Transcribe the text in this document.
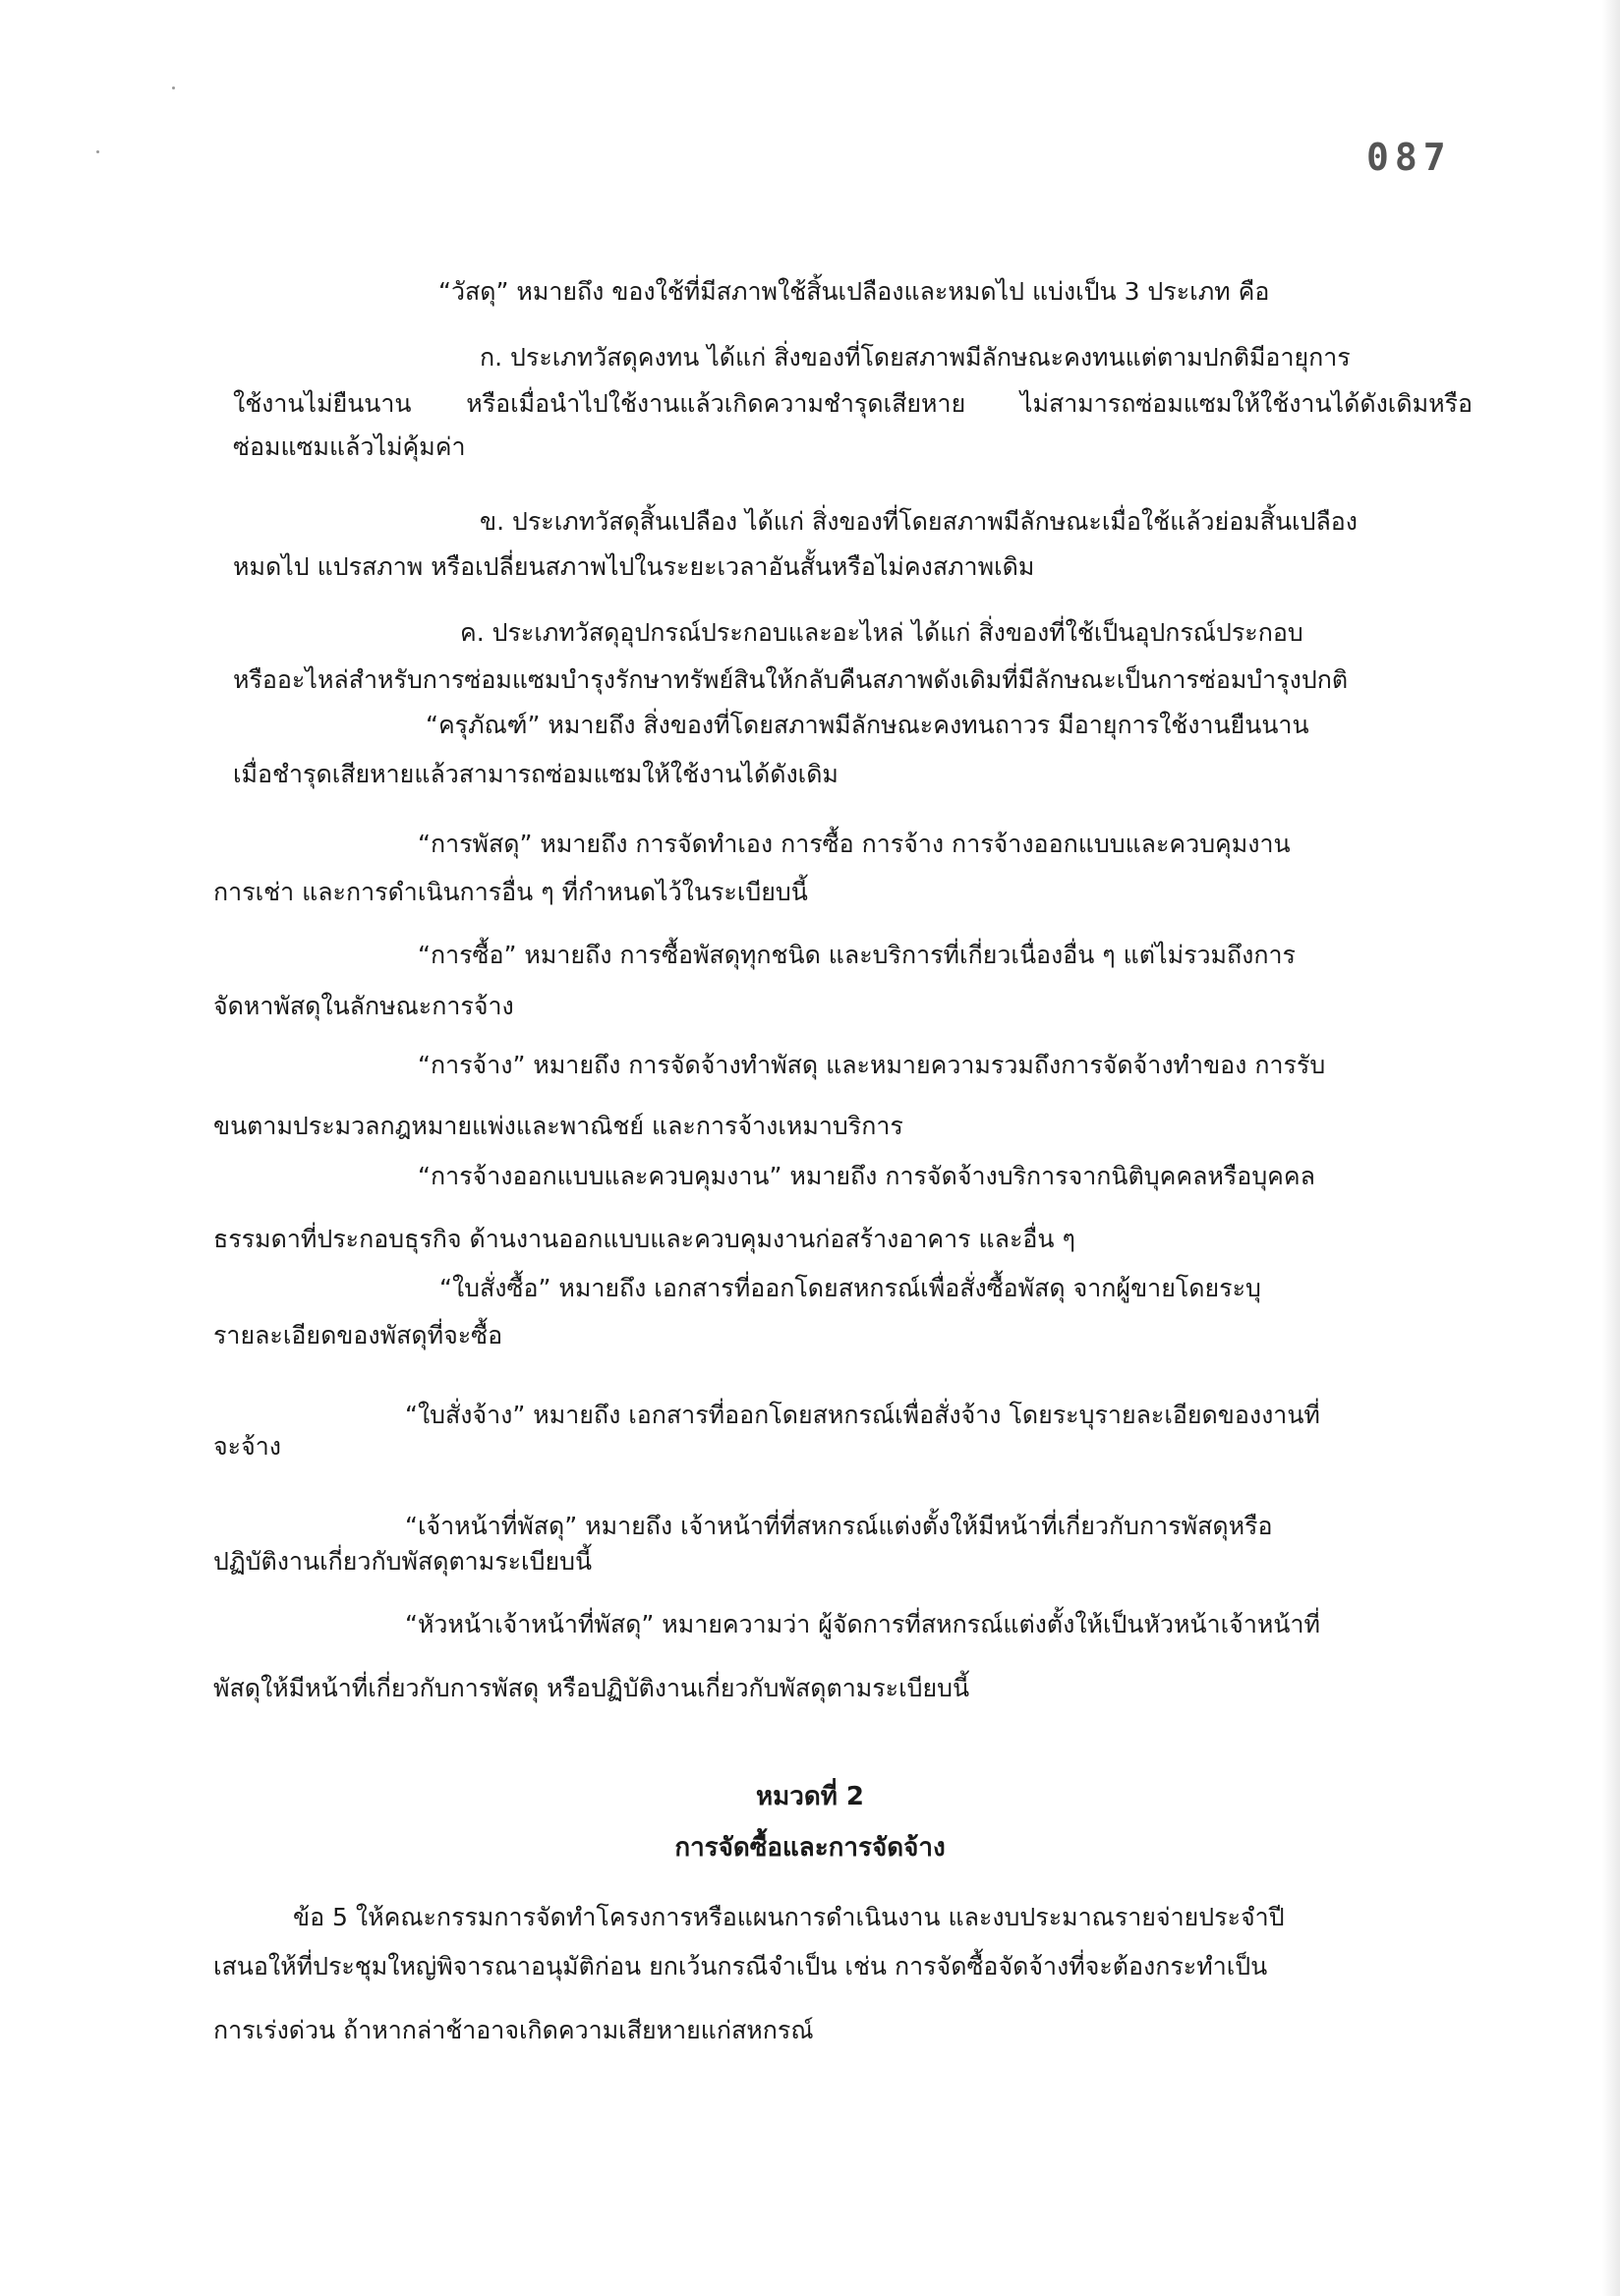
087
“วัสดุ” หมายถึง ของใช้ที่มีสภาพใช้สิ้นเปลืองและหมดไป แบ่งเป็น 3 ประเภท คือ
ก. ประเภทวัสดุคงทน ได้แก่ สิ่งของที่โดยสภาพมีลักษณะคงทนแต่ตามปกติมีอายุการ
ใช้งานไม่ยืนนาน หรือเมื่อนำไปใช้งานแล้วเกิดความชำรุดเสียหาย ไม่สามารถซ่อมแซมให้ใช้งานได้ดังเดิมหรือ
ซ่อมแซมแล้วไม่คุ้มค่า
ข. ประเภทวัสดุสิ้นเปลือง ได้แก่ สิ่งของที่โดยสภาพมีลักษณะเมื่อใช้แล้วย่อมสิ้นเปลือง
หมดไป แปรสภาพ หรือเปลี่ยนสภาพไปในระยะเวลาอันสั้นหรือไม่คงสภาพเดิม
ค. ประเภทวัสดุอุปกรณ์ประกอบและอะไหล่ ได้แก่ สิ่งของที่ใช้เป็นอุปกรณ์ประกอบ
หรืออะไหล่สำหรับการซ่อมแซมบำรุงรักษาทรัพย์สินให้กลับคืนสภาพดังเดิมที่มีลักษณะเป็นการซ่อมบำรุงปกติ
“ครุภัณฑ์” หมายถึง สิ่งของที่โดยสภาพมีลักษณะคงทนถาวร มีอายุการใช้งานยืนนาน
เมื่อชำรุดเสียหายแล้วสามารถซ่อมแซมให้ใช้งานได้ดังเดิม
“การพัสดุ” หมายถึง การจัดทำเอง การซื้อ การจ้าง การจ้างออกแบบและควบคุมงาน
การเช่า และการดำเนินการอื่น ๆ ที่กำหนดไว้ในระเบียบนี้
“การซื้อ” หมายถึง การซื้อพัสดุทุกชนิด และบริการที่เกี่ยวเนื่องอื่น ๆ แต่ไม่รวมถึงการ
จัดหาพัสดุในลักษณะการจ้าง
“การจ้าง” หมายถึง การจัดจ้างทำพัสดุ และหมายความรวมถึงการจัดจ้างทำของ การรับ
ขนตามประมวลกฎหมายแพ่งและพาณิชย์ และการจ้างเหมาบริการ
“การจ้างออกแบบและควบคุมงาน” หมายถึง การจัดจ้างบริการจากนิติบุคคลหรือบุคคล
ธรรมดาที่ประกอบธุรกิจ ด้านงานออกแบบและควบคุมงานก่อสร้างอาคาร และอื่น ๆ
“ใบสั่งซื้อ” หมายถึง เอกสารที่ออกโดยสหกรณ์เพื่อสั่งซื้อพัสดุ จากผู้ขายโดยระบุ
รายละเอียดของพัสดุที่จะซื้อ
“ใบสั่งจ้าง” หมายถึง เอกสารที่ออกโดยสหกรณ์เพื่อสั่งจ้าง โดยระบุรายละเอียดของงานที่
จะจ้าง
“เจ้าหน้าที่พัสดุ” หมายถึง เจ้าหน้าที่ที่สหกรณ์แต่งตั้งให้มีหน้าที่เกี่ยวกับการพัสดุหรือ
ปฏิบัติงานเกี่ยวกับพัสดุตามระเบียบนี้
“หัวหน้าเจ้าหน้าที่พัสดุ” หมายความว่า ผู้จัดการที่สหกรณ์แต่งตั้งให้เป็นหัวหน้าเจ้าหน้าที่
พัสดุให้มีหน้าที่เกี่ยวกับการพัสดุ หรือปฏิบัติงานเกี่ยวกับพัสดุตามระเบียบนี้
หมวดที่ 2
การจัดซื้อและการจัดจ้าง
ข้อ 5 ให้คณะกรรมการจัดทำโครงการหรือแผนการดำเนินงาน และงบประมาณรายจ่ายประจำปี
เสนอให้ที่ประชุมใหญ่พิจารณาอนุมัติก่อน ยกเว้นกรณีจำเป็น เช่น การจัดซื้อจัดจ้างที่จะต้องกระทำเป็น
การเร่งด่วน ถ้าหากล่าช้าอาจเกิดความเสียหายแก่สหกรณ์
